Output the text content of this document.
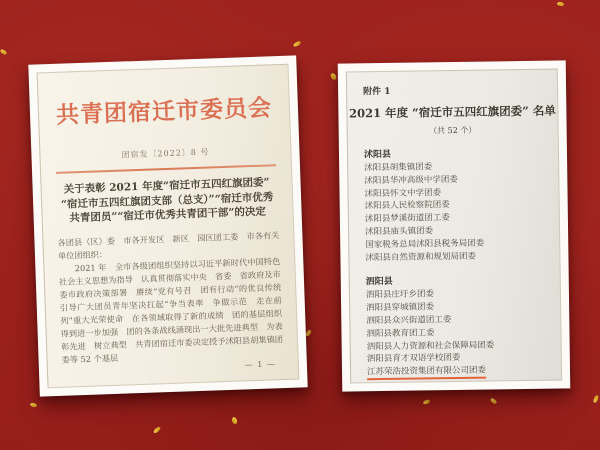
共青团宿迁市委员会
团宿发〔2022〕8 号
关于表彰 2021 年度“宿迁市五四红旗团委”
“宿迁市五四红旗团支部（总支）”“宿迁市优秀
共青团员”“宿迁市优秀共青团干部”的决定
各团县（区）委　市各开发区　新区　园区团工委　市各有关单位团组织：
2021 年　全市各级团组织坚持以习近平新时代中国特色社会主义思想为指导　认真贯彻落实中央　省委　省政府及市委市政府决策部署　赓续“党有号召　团有行动”的优良传统　引导广大团员青年坚决扛起“争当表率　争做示范　走在前列”重大光荣使命　在各领域取得了新的成绩　团的基层组织得到进一步加强　团的各条战线涌现出一大批先进典型　为表彰先进　树立典型　共青团宿迁市委决定授予沭阳县胡集镇团委等 52 个基层
— 1 —
附件 1
2021 年度 “宿迁市五四红旗团委” 名单
（共 52 个）
沭阳县
沭阳县胡集镇团委
沭阳县华冲高级中学团委
沭阳县怀文中学团委
沭阳县人民检察院团委
沭阳县梦溪街道团工委
沭阳县庙头镇团委
国家税务总局沭阳县税务局团委
沭阳县自然资源和规划局团委
泗阳县
泗阳县庄圩乡团委
泗阳县穿城镇团委
泗阳县众兴街道团工委
泗阳县教育团工委
泗阳县人力资源和社会保障局团委
泗阳县育才双语学校团委
江苏荣浩投资集团有限公司团委
